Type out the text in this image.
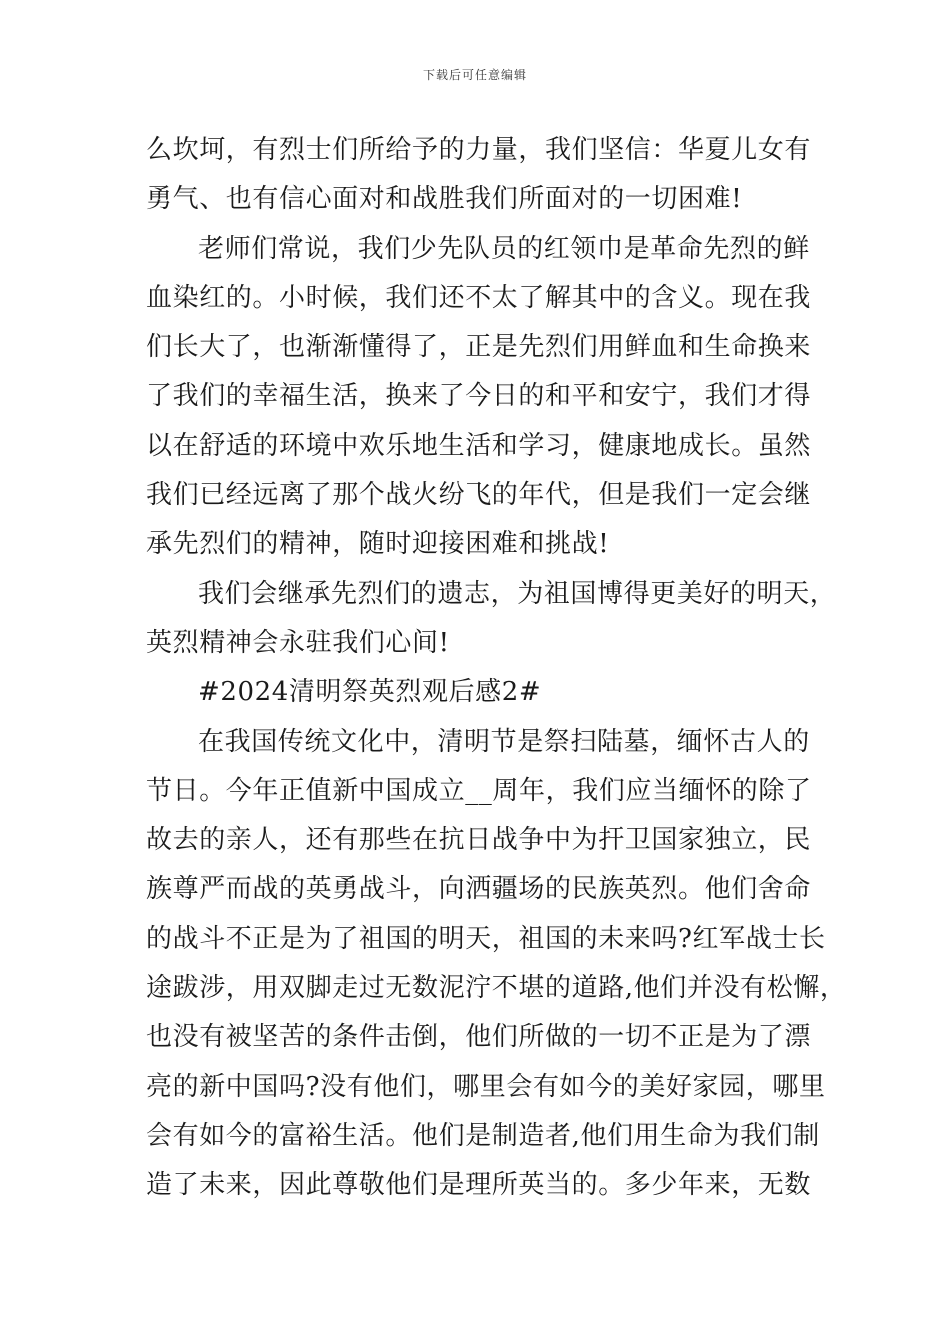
下载后可任意编辑

么坎坷，有烈士们所给予的力量，我们坚信：华夏儿女有
勇气、也有信心面对和战胜我们所面对的一切困难!

老师们常说，我们少先队员的红领巾是革命先烈的鲜
血染红的。小时候，我们还不太了解其中的含义。现在我
们长大了，也渐渐懂得了，正是先烈们用鲜血和生命换来
了我们的幸福生活，换来了今日的和平和安宁，我们才得
以在舒适的环境中欢乐地生活和学习，健康地成长。虽然
我们已经远离了那个战火纷飞的年代，但是我们一定会继
承先烈们的精神，随时迎接困难和挑战!

我们会继承先烈们的遗志，为祖国博得更美好的明天，
英烈精神会永驻我们心间!

#2024清明祭英烈观后感2#

在我国传统文化中，清明节是祭扫陆墓，缅怀古人的
节日。今年正值新中国成立__周年，我们应当缅怀的除了
故去的亲人，还有那些在抗日战争中为扞卫国家独立，民
族尊严而战的英勇战斗，向洒疆场的民族英烈。他们舍命
的战斗不正是为了祖国的明天，祖国的未来吗?红军战士长
途跋涉，用双脚走过无数泥泞不堪的道路,他们并没有松懈，
也没有被坚苦的条件击倒，他们所做的一切不正是为了漂
亮的新中国吗?没有他们，哪里会有如今的美好家园，哪里
会有如今的富裕生活。他们是制造者,他们用生命为我们制
造了未来，因此尊敬他们是理所英当的。多少年来，无数
